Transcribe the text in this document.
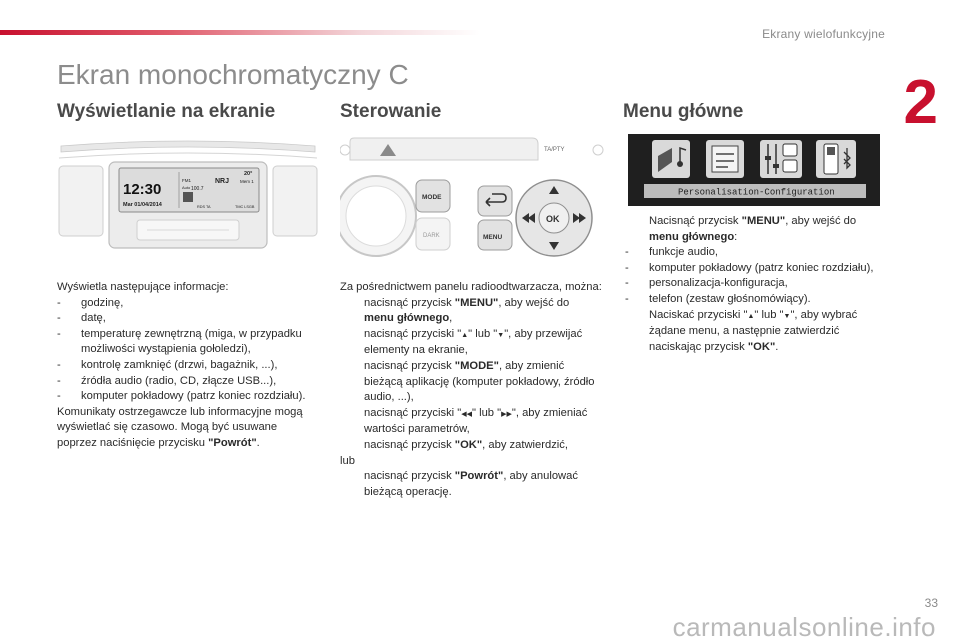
Ekrany wielofunkcyjne
2
Ekran monochromatyczny C
Wyświetlanie na ekranie	Sterowanie	Menu główne
12:30
Mar 01/04/2014
20°
FM1	NRJ Mem 1
Auto 100.7
RDS TA	TMC LSGB
TA/PTY
MODE
DARK	MENU
OK
Personalisation-Configuration

Wyświetla następujące informacje:

- godzinę,
- datę,
- temperaturę zewnętrzną (miga, w przypadku możliwości wystąpienia gołoledzi),
- kontrolę zamknięć (drzwi, bagażnik, ...),
- źródła audio (radio, CD, złącze USB...),
- komputer pokładowy (patrz koniec rozdziału).

Komunikaty ostrzegawcze lub informacyjne mogą wyświetlać się czasowo. Mogą być usuwane poprzez naciśnięcie przycisku "Powrót".

Za pośrednictwem panelu radioodtwarzacza, można:

nacisnąć przycisk "MENU", aby wejść do menu głównego,
nacisnąć przyciski "▲" lub "▼", aby przewijać elementy na ekranie,
nacisnąć przycisk "MODE", aby zmienić bieżącą aplikację (komputer pokładowy, źródło audio, ...),
nacisnąć przyciski "◀◀" lub "▶▶", aby zmieniać wartości parametrów,
nacisnąć przycisk "OK", aby zatwierdzić,

lub

nacisnąć przycisk "Powrót", aby anulować bieżącą operację.
Nacisnąć przycisk "MENU", aby wejść do menu głównego:
- funkcje audio,
- komputer pokładowy (patrz koniec rozdziału),
- personalizacja-konfiguracja,
- telefon (zestaw głośnomówiący).
Naciskać przyciski "▲" lub "▼", aby wybrać żądane menu, a następnie zatwierdzić naciskając przycisk "OK".
carmanualsonline.info
33
